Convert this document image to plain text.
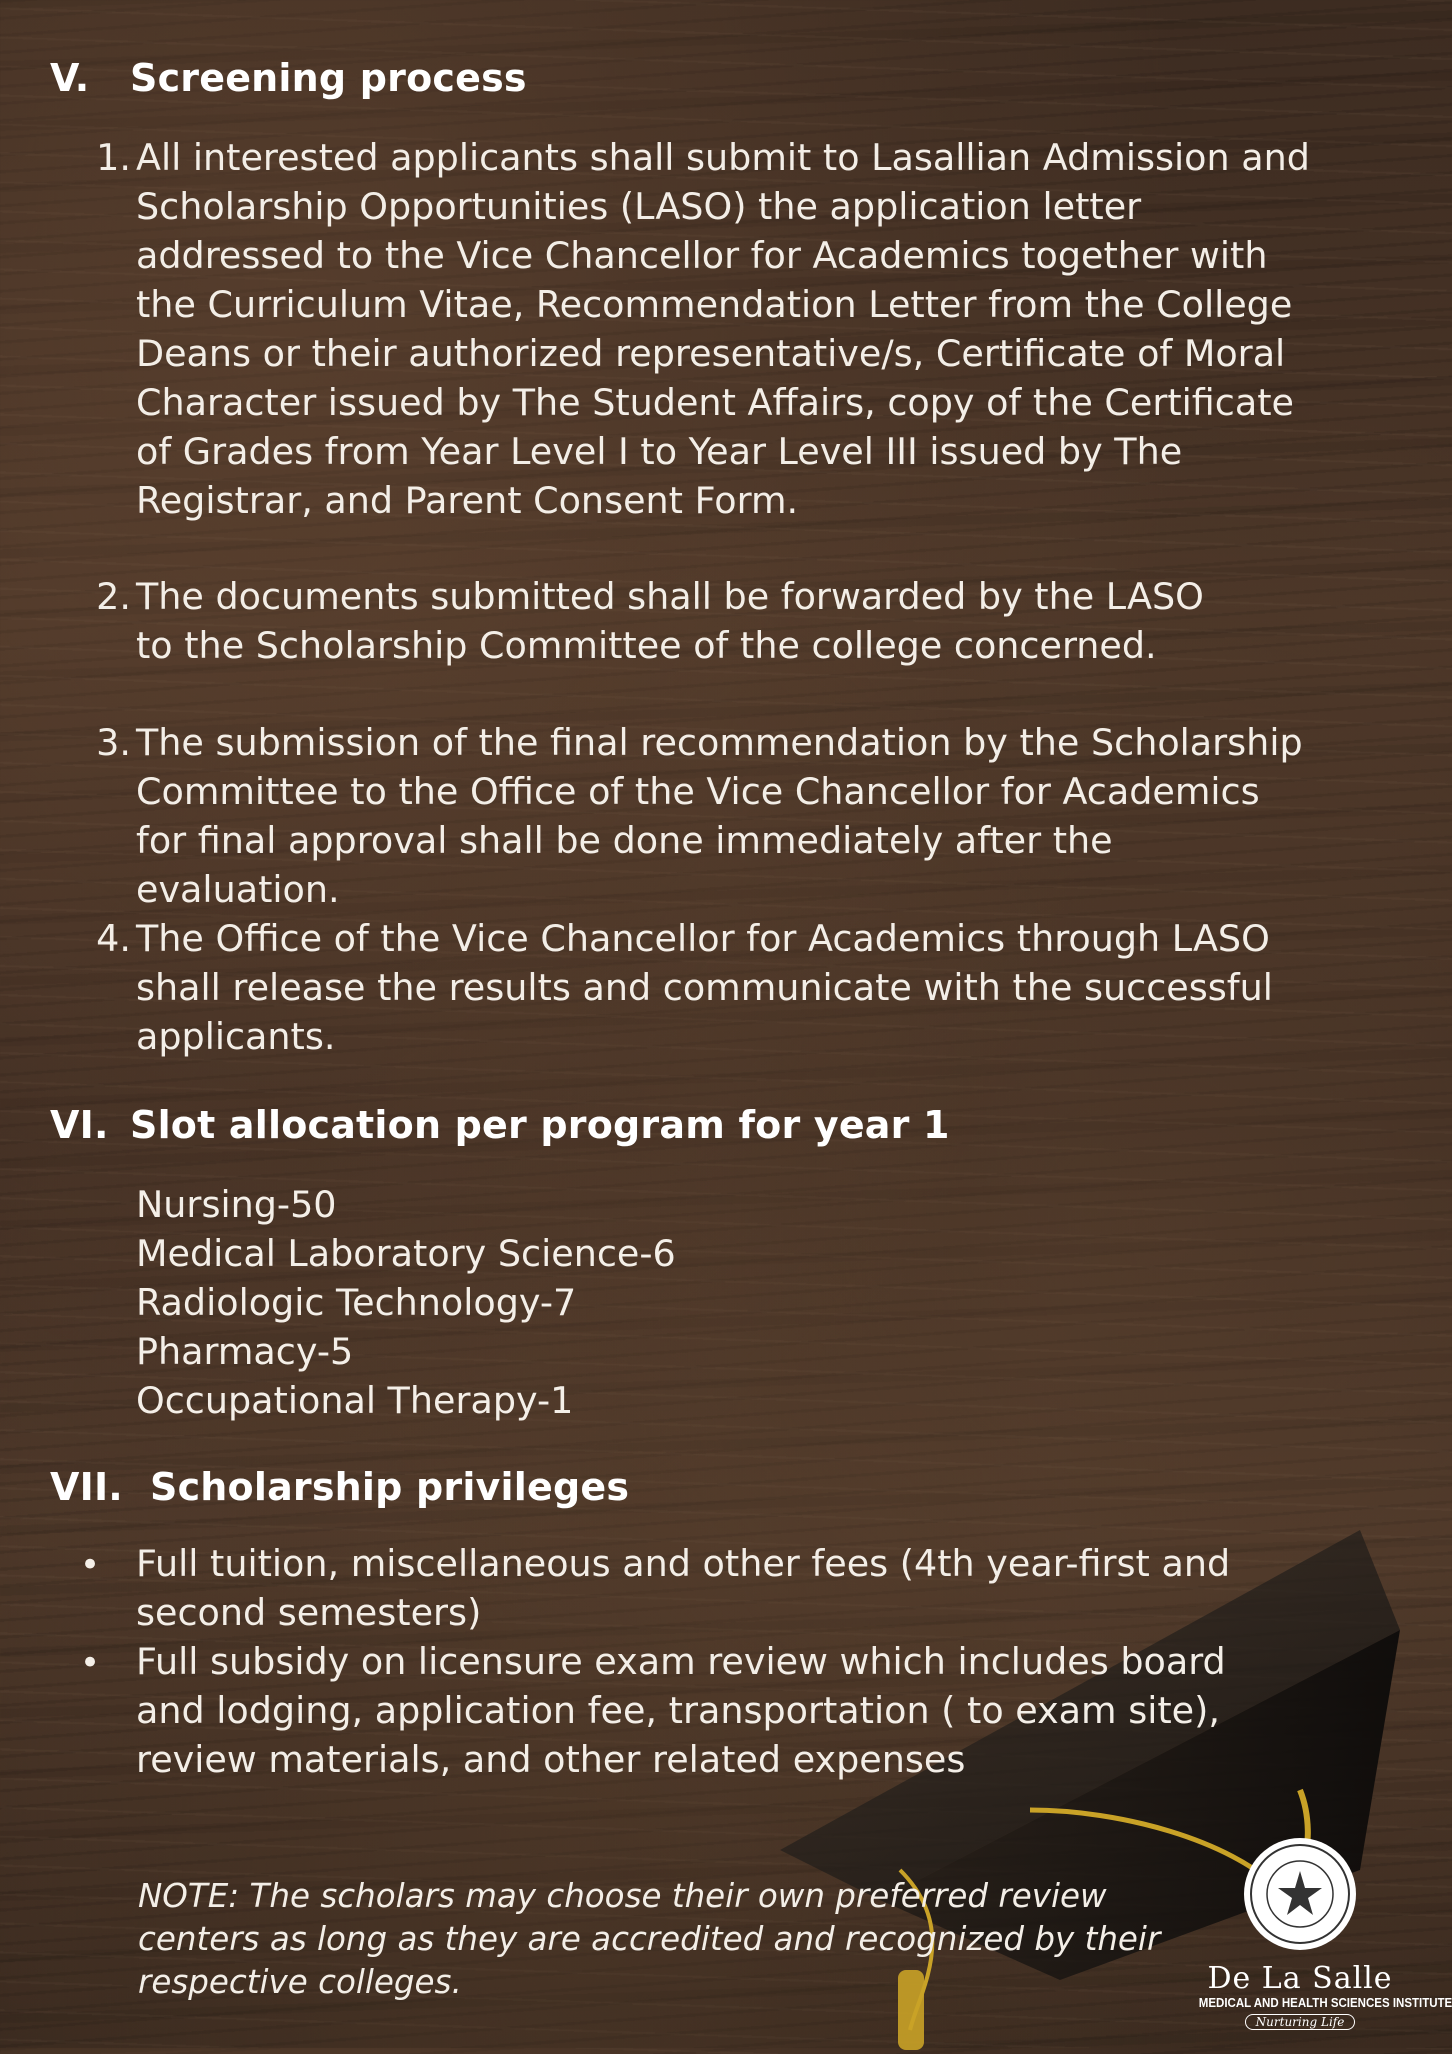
V. Screening process
1. All interested applicants shall submit to Lasallian Admission and Scholarship Opportunities (LASO) the application letter addressed to the Vice Chancellor for Academics together with the Curriculum Vitae, Recommendation Letter from the College Deans or their authorized representative/s, Certificate of Moral Character issued by The Student Affairs, copy of the Certificate of Grades from Year Level I to Year Level III issued by The Registrar, and Parent Consent Form.
2. The documents submitted shall be forwarded by the LASO to the Scholarship Committee of the college concerned.
3. The submission of the final recommendation by the Scholarship Committee to the Office of the Vice Chancellor for Academics for final approval shall be done immediately after the evaluation.
4. The Office of the Vice Chancellor for Academics through LASO shall release the results and communicate with the successful applicants.
VI. Slot allocation per program for year 1
Nursing-50
Medical Laboratory Science-6
Radiologic Technology-7
Pharmacy-5
Occupational Therapy-1
VII. Scholarship privileges
• Full tuition, miscellaneous and other fees (4th year-first and second semesters)
• Full subsidy on licensure exam review which includes board and lodging, application fee, transportation ( to exam site), review materials, and other related expenses
NOTE: The scholars may choose their own preferred review centers as long as they are accredited and recognized by their respective colleges.	De La Salle
MEDICAL AND HEALTH SCIENCES INSTITUTE
Nurturing Life
